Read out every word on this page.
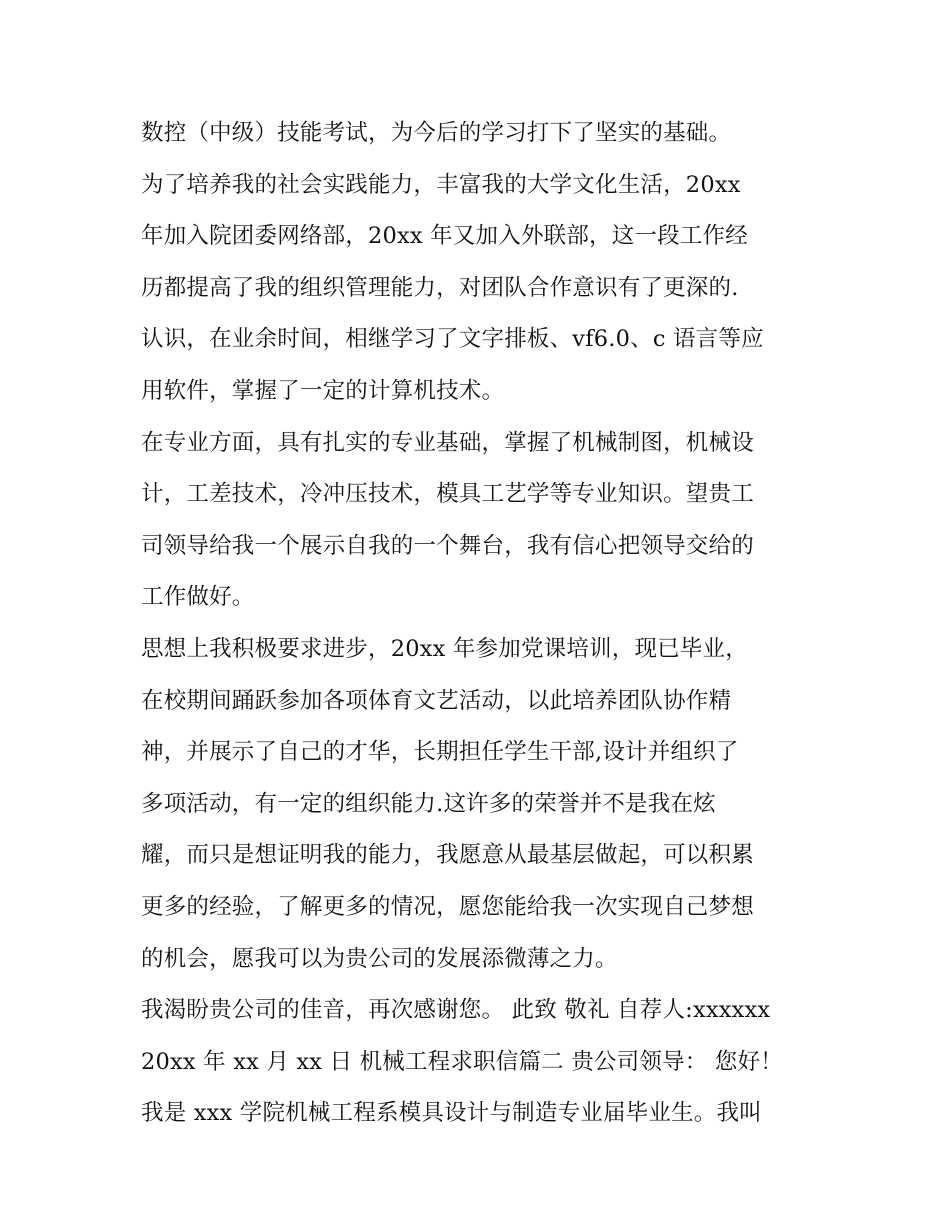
数控（中级）技能考试，为今后的学习打下了坚实的基础。
为了培养我的社会实践能力，丰富我的大学文化生活，20xx
年加入院团委网络部，20xx 年又加入外联部，这一段工作经
历都提高了我的组织管理能力，对团队合作意识有了更深的.
认识，在业余时间，相继学习了文字排板、vf6.0、c 语言等应
用软件，掌握了一定的计算机技术。
在专业方面，具有扎实的专业基础，掌握了机械制图，机械设
计，工差技术，冷冲压技术，模具工艺学等专业知识。望贵工
司领导给我一个展示自我的一个舞台，我有信心把领导交给的
工作做好。
思想上我积极要求进步，20xx 年参加党课培训，现已毕业，
在校期间踊跃参加各项体育文艺活动，以此培养团队协作精
神，并展示了自己的才华，长期担任学生干部,设计并组织了
多项活动，有一定的组织能力.这许多的荣誉并不是我在炫
耀，而只是想证明我的能力，我愿意从最基层做起，可以积累
更多的经验，了解更多的情况，愿您能给我一次实现自己梦想
的机会，愿我可以为贵公司的发展添微薄之力。
我渴盼贵公司的佳音，再次感谢您。 此致 敬礼 自荐人:xxxxxx
20xx 年 xx 月 xx 日 机械工程求职信篇二 贵公司领导： 您好！
我是 xxx 学院机械工程系模具设计与制造专业届毕业生。我叫
